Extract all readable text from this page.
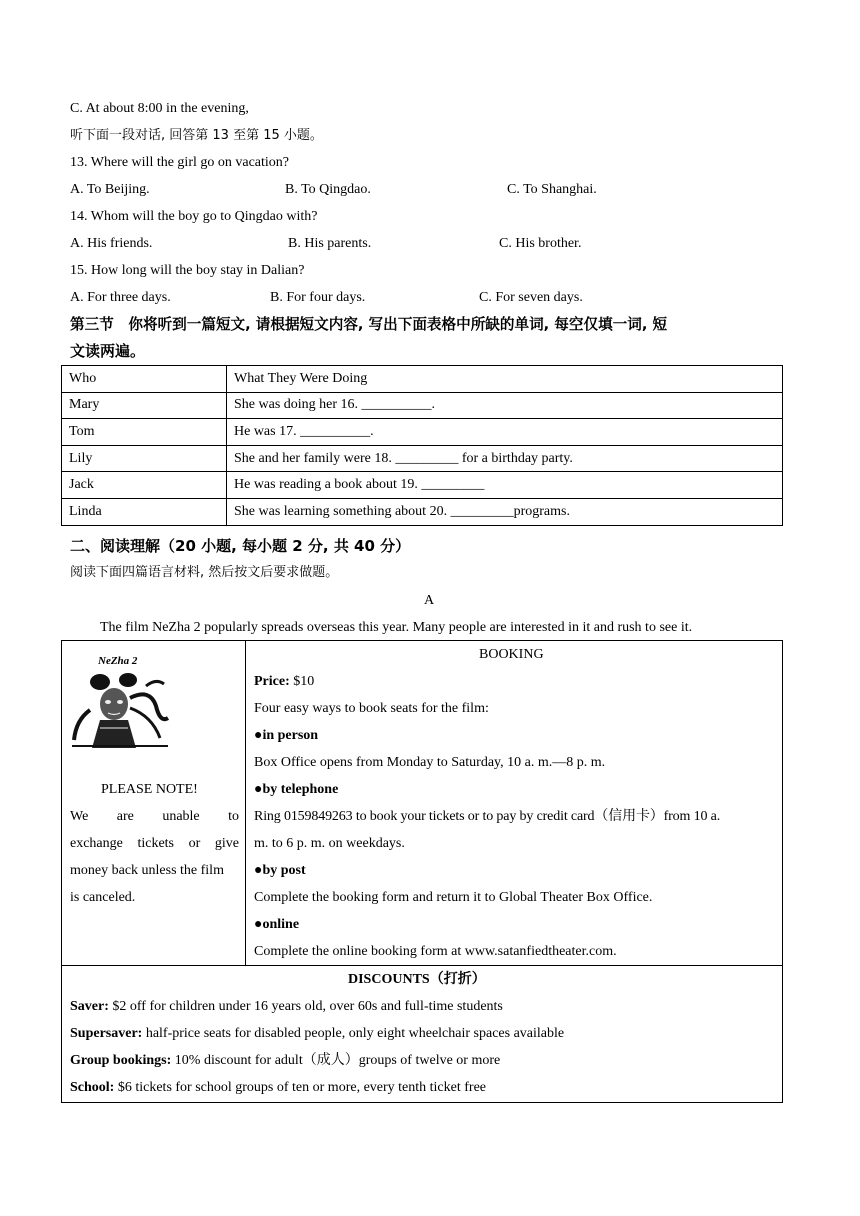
C. At about 8:00 in the evening,
听下面一段对话, 回答第 13 至第 15 小题。
13. Where will the girl go on vacation?
A. To Beijing.	B. To Qingdao.	C. To Shanghai.
14. Whom will the boy go to Qingdao with?
A. His friends.	B. His parents.	C. His brother.
15. How long will the boy stay in Dalian?
A. For three days.	B. For four days.	C. For seven days.
第三节　你将听到一篇短文, 请根据短文内容, 写出下面表格中所缺的单词, 每空仅填一词, 短
文读两遍。
Who	What They Were Doing
Mary	She was doing her 16. __________.
Tom	He was 17. __________.
Lily	She and her family were 18. _________ for a birthday party.
Jack	He was reading a book about 19. _________
Linda	She was learning something about 20. _________programs.
二、阅读理解（20 小题, 每小题 2 分, 共 40 分）
阅读下面四篇语言材料, 然后按文后要求做题。
A
The film NeZha 2 popularly spreads overseas this year. Many people are interested in it and rush to see it.
NeZha 2
PLEASE NOTE!
We are unable to
exchange tickets or give
money back unless the film
is canceled.
BOOKING
Price: $10
Four easy ways to book seats for the film:
●in person
Box Office opens from Monday to Saturday, 10 a. m.—8 p. m.
●by telephone
Ring 0159849263 to book your tickets or to pay by credit card（信用卡）from 10 a.
m. to 6 p. m. on weekdays.
●by post
Complete the booking form and return it to Global Theater Box Office.
●online
Complete the online booking form at www.satanfiedtheater.com.
DISCOUNTS（打折）
Saver: $2 off for children under 16 years old, over 60s and full-time students
Supersaver: half-price seats for disabled people, only eight wheelchair spaces available
Group bookings: 10% discount for adult（成人）groups of twelve or more
School: $6 tickets for school groups of ten or more, every tenth ticket free
